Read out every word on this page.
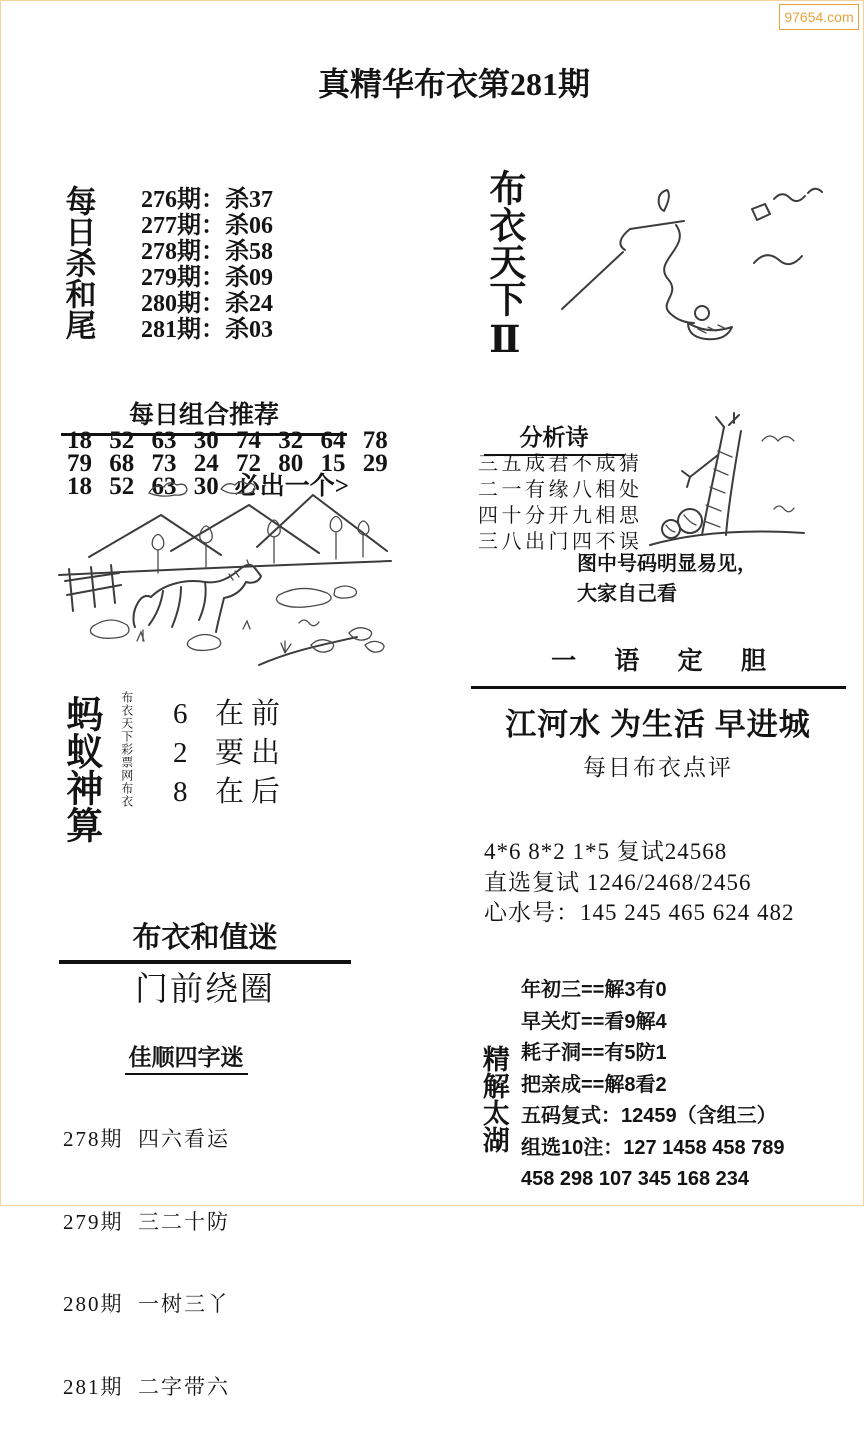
97654.com
真精华布衣第281期
每日杀和尾 276期：杀37
277期：杀06
278期：杀58
279期：杀09
280期：杀24
281期：杀03
每日组合推荐
18 52 63 30 74 32 64 78
79 68 73 24 72 80 15 29
18 52 63 30 必出一个>
蚂蚁神算 布衣天下彩票网布衣 6 在前
2 要出
8 在后
布衣和值迷
门前绕圈
佳顺四字迷

278期  四六看运

279期  三二十防

280期  一树三丫

281期  二字带六

布衣天下Ⅱ
分析诗
三五成君不成猜
二一有缘八相处
四十分开九相思
三八出门四不误
图中号码明显易见，
大家自己看
一 语 定 胆
江河水 为生活 早进城
每日布衣点评
4*6 8*2 1*5 复试24568
直选复试 1246/2468/2456
心水号：145 245 465 624 482
精解太湖
年初三==解3有0
早关灯==看9解4
耗子洞==有5防1
把亲成==解8看2
五码复式：12459（含组三）
组选10注：127 1458 458 789
458 298 107 345 168 234
